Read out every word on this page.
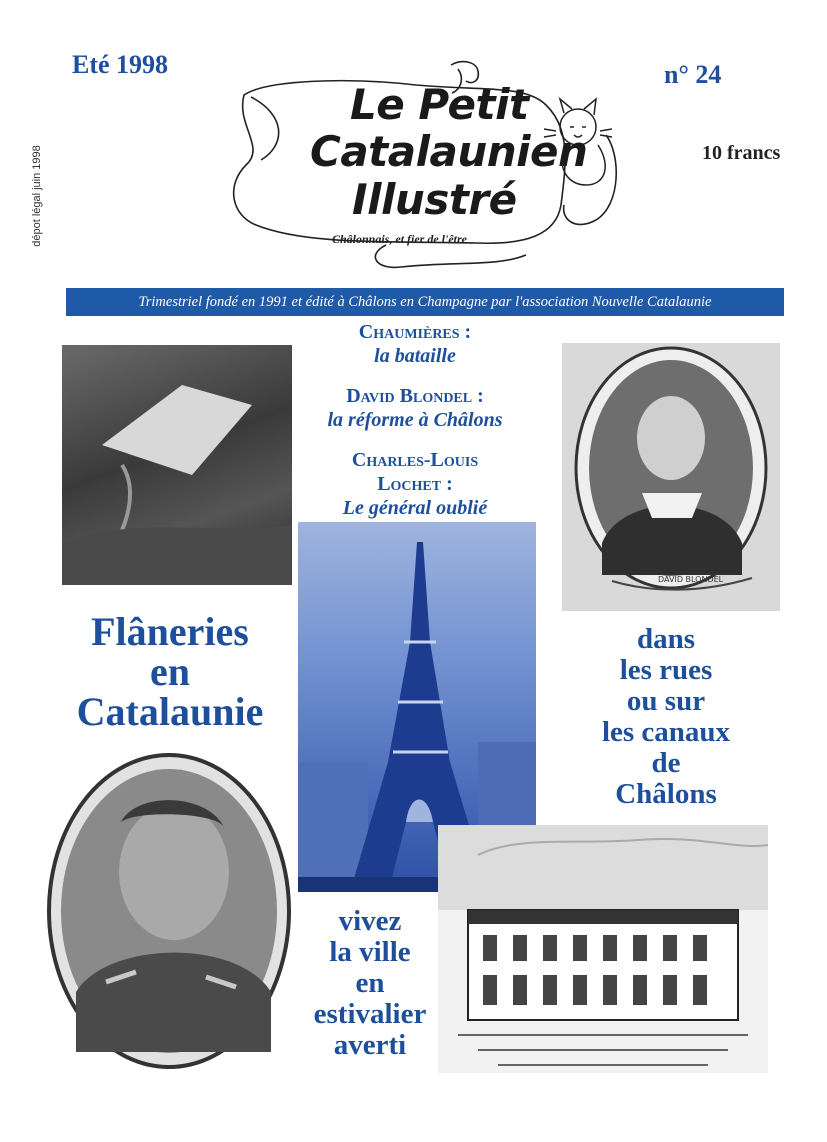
Eté 1998	n° 24
10 francs
dépot légal juin 1998
Le Petit
Catalaunien
Illustré
Châlonnais, et fier de l'être
Trimestriel fondé en 1991 et édité à Châlons en Champagne par l'association Nouvelle Catalaunie
Chaumières :
la bataille
David Blondel :
la réforme à Châlons
Charles-Louis
Lochet :
Le général oublié
DAVID BLONDEL
Flâneries
en
Catalaunie
dans
les rues
ou sur
les canaux
de
Châlons
vivez
la ville
en
estivalier
averti
